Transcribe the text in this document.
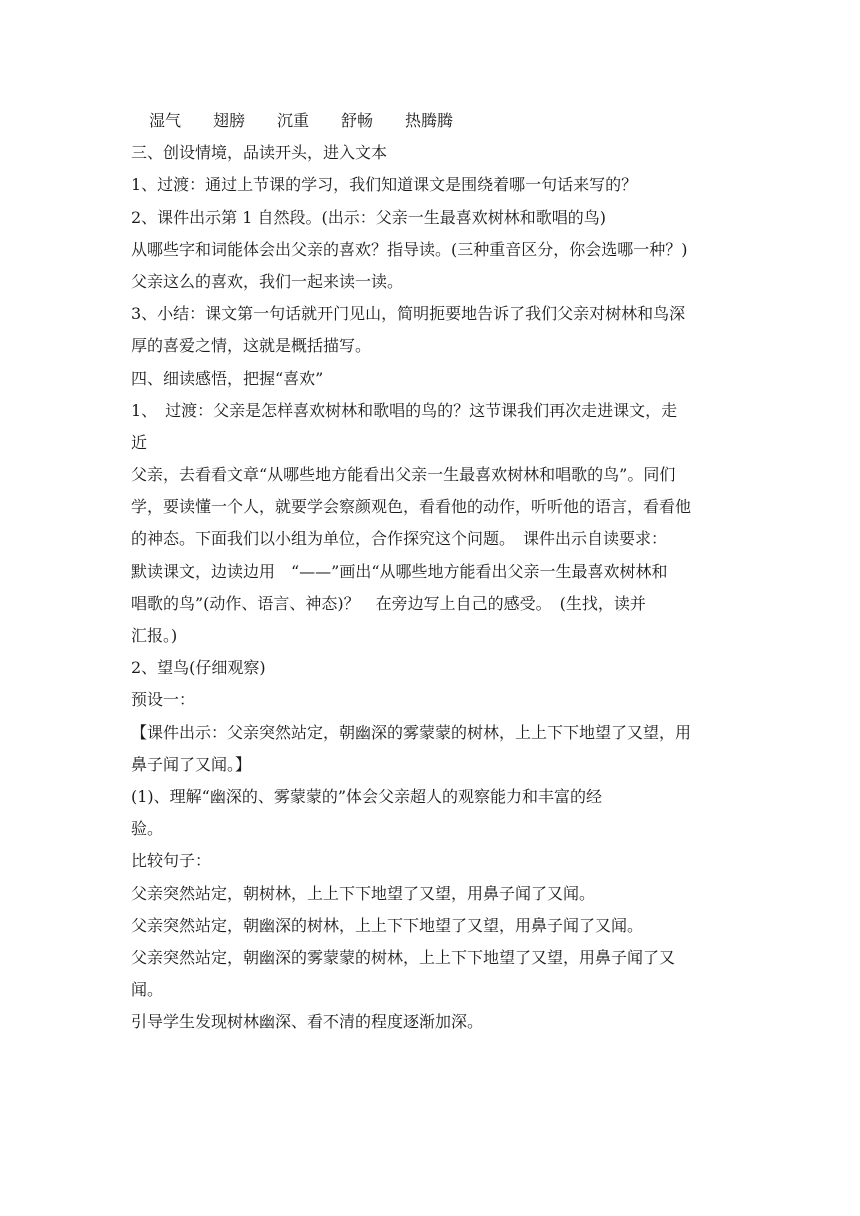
湿气　　翅膀　　沉重　　舒畅　　热腾腾
三、创设情境，品读开头，进入文本
1、过渡：通过上节课的学习，我们知道课文是围绕着哪一句话来写的？
2、课件出示第 1 自然段。(出示：父亲一生最喜欢树林和歌唱的鸟)
从哪些字和词能体会出父亲的喜欢？指导读。(三种重音区分，你会选哪一种？)
父亲这么的喜欢，我们一起来读一读。
3、小结：课文第一句话就开门见山，简明扼要地告诉了我们父亲对树林和鸟深
厚的喜爱之情，这就是概括描写。
四、细读感悟，把握“喜欢”
1、　过渡：父亲是怎样喜欢树林和歌唱的鸟的？这节课我们再次走进课文，走
近
父亲，去看看文章“从哪些地方能看出父亲一生最喜欢树林和唱歌的鸟”。同们
学，要读懂一个人，就要学会察颜观色，看看他的动作，听听他的语言，看看他
的神态。下面我们以小组为单位，合作探究这个问题。　课件出示自读要求：
默读课文，边读边用　“——”画出“从哪些地方能看出父亲一生最喜欢树林和
唱歌的鸟”(动作、语言、神态)？　在旁边写上自己的感受。　(生找，读并
汇报。)
2、望鸟(仔细观察)
预设一：
【课件出示：父亲突然站定，朝幽深的雾蒙蒙的树林，上上下下地望了又望，用
鼻子闻了又闻。】
(1)、理解“幽深的、雾蒙蒙的”体会父亲超人的观察能力和丰富的经
验。
比较句子：
父亲突然站定，朝树林，上上下下地望了又望，用鼻子闻了又闻。
父亲突然站定，朝幽深的树林，上上下下地望了又望，用鼻子闻了又闻。
父亲突然站定，朝幽深的雾蒙蒙的树林，上上下下地望了又望，用鼻子闻了又
闻。
引导学生发现树林幽深、看不清的程度逐渐加深。
